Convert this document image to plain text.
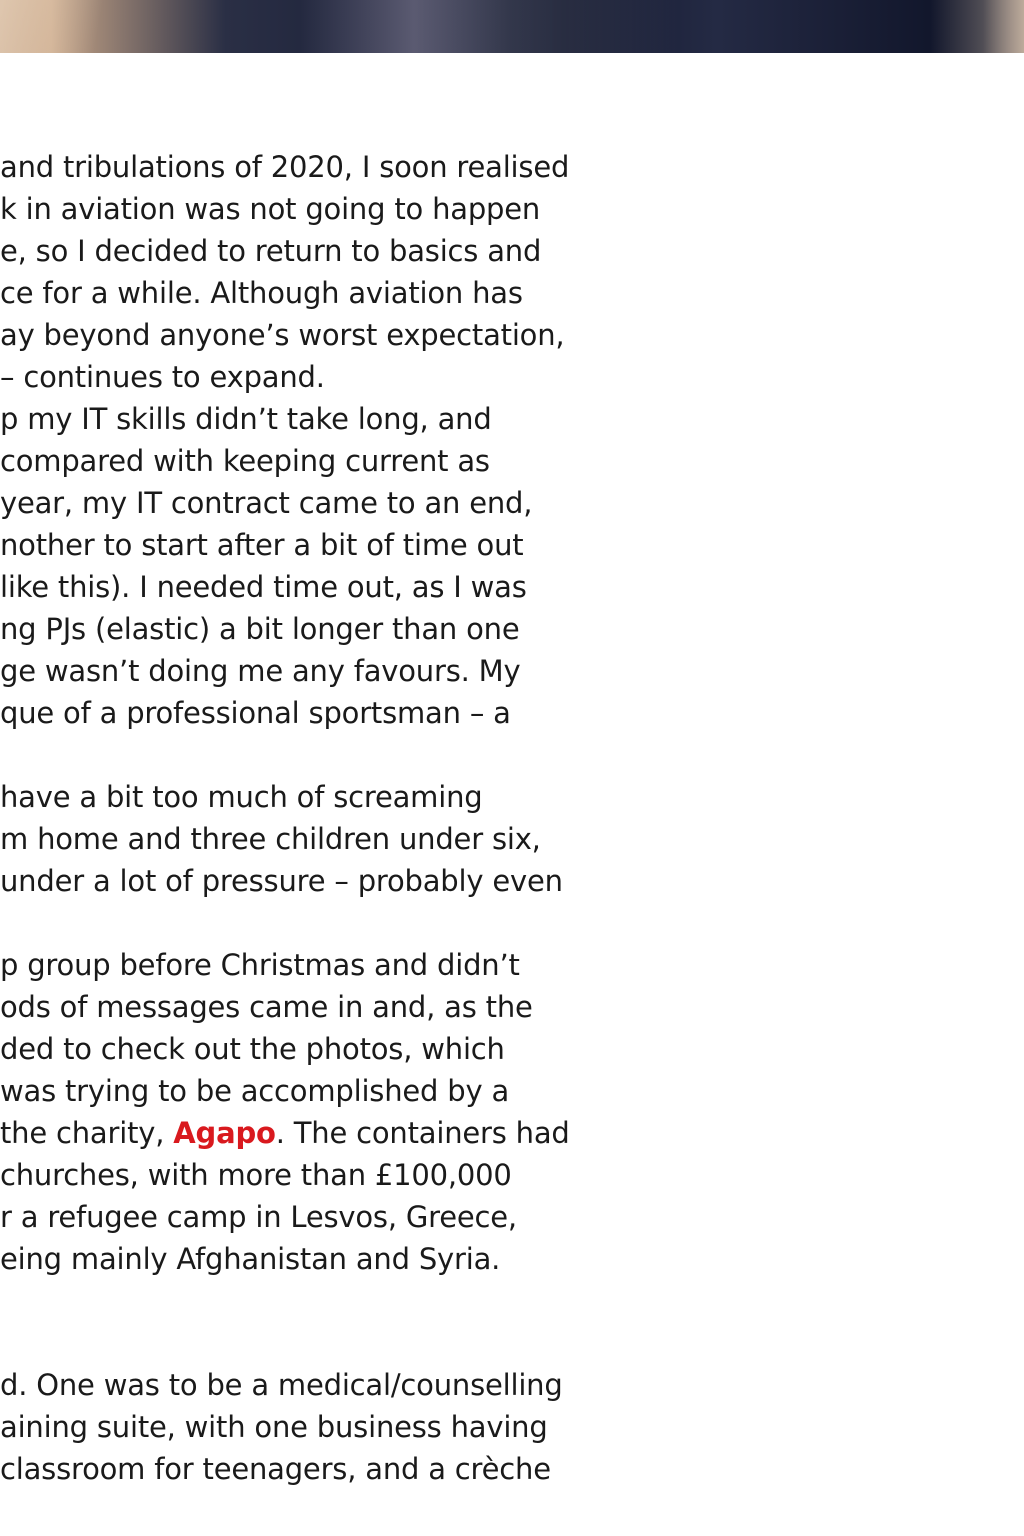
and tribulations of 2020, I soon realised
k in aviation was not going to happen
e, so I decided to return to basics and
ce for a while. Although aviation has
ay beyond anyone’s worst expectation,
– continues to expand.
p my IT skills didn’t take long, and
compared with keeping current as
year, my IT contract came to an end,
nother to start after a bit of time out
like this). I needed time out, as I was
ng PJs (elastic) a bit longer than one
ge wasn’t doing me any favours. My
que of a professional sportsman – a
have a bit too much of screaming
m home and three children under six,
under a lot of pressure – probably even
p group before Christmas and didn’t
ods of messages came in and, as the
ded to check out the photos, which
was trying to be accomplished by a
the charity, Agapo. The containers had
churches, with more than £100,000
r a refugee camp in Lesvos, Greece,
eing mainly Afghanistan and Syria.
d. One was to be a medical/counselling
aining suite, with one business having
classroom for teenagers, and a crèche
